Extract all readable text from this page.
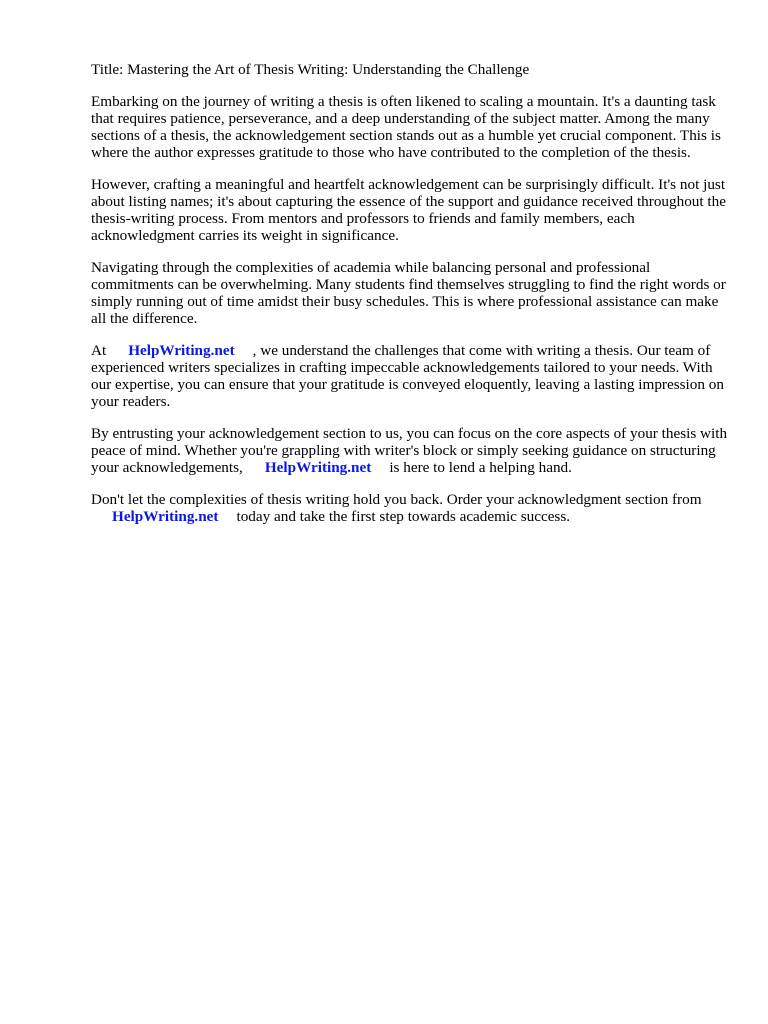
Title: Mastering the Art of Thesis Writing: Understanding the Challenge
Embarking on the journey of writing a thesis is often likened to scaling a mountain. It's a daunting task that requires patience, perseverance, and a deep understanding of the subject matter. Among the many sections of a thesis, the acknowledgement section stands out as a humble yet crucial component. This is where the author expresses gratitude to those who have contributed to the completion of the thesis.
However, crafting a meaningful and heartfelt acknowledgement can be surprisingly difficult. It's not just about listing names; it's about capturing the essence of the support and guidance received throughout the thesis-writing process. From mentors and professors to friends and family members, each acknowledgment carries its weight in significance.
Navigating through the complexities of academia while balancing personal and professional commitments can be overwhelming. Many students find themselves struggling to find the right words or simply running out of time amidst their busy schedules. This is where professional assistance can make all the difference.
At HelpWriting.net , we understand the challenges that come with writing a thesis. Our team of experienced writers specializes in crafting impeccable acknowledgements tailored to your needs. With our expertise, you can ensure that your gratitude is conveyed eloquently, leaving a lasting impression on your readers.
By entrusting your acknowledgement section to us, you can focus on the core aspects of your thesis with peace of mind. Whether you're grappling with writer's block or simply seeking guidance on structuring your acknowledgements, HelpWriting.net is here to lend a helping hand.
Don't let the complexities of thesis writing hold you back. Order your acknowledgment section from
HelpWriting.net today and take the first step towards academic success.
